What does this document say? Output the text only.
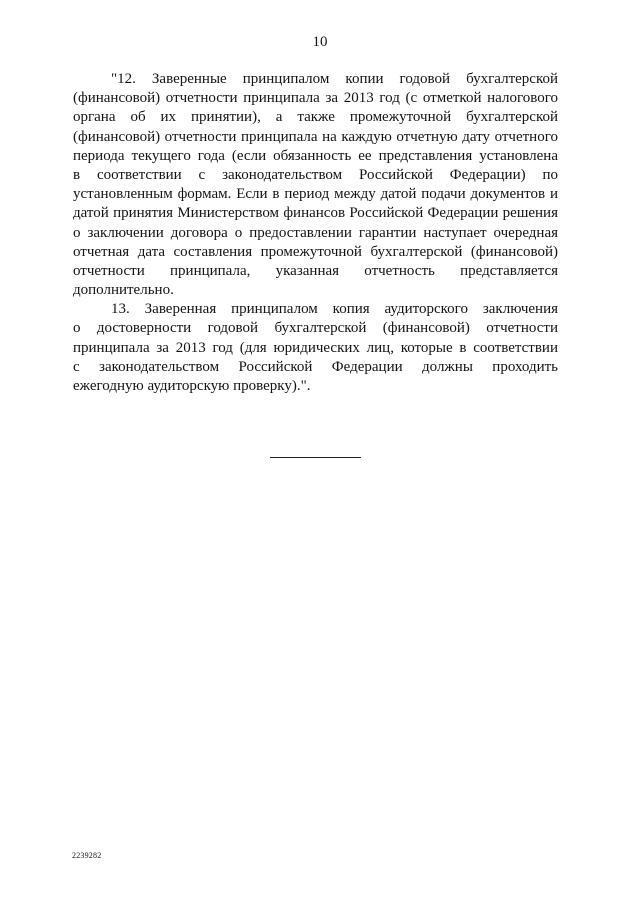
10
"12. Заверенные принципалом копии годовой бухгалтерской
(финансовой) отчетности принципала за 2013 год (с отметкой налогового
органа об их принятии), а также промежуточной бухгалтерской
(финансовой) отчетности принципала на каждую отчетную дату отчетного
периода текущего года (если обязанность ее представления установлена
в соответствии с законодательством Российской Федерации) по
установленным формам. Если в период между датой подачи документов и
датой принятия Министерством финансов Российской Федерации решения
о заключении договора о предоставлении гарантии наступает очередная
отчетная дата составления промежуточной бухгалтерской (финансовой)
отчетности принципала, указанная отчетность представляется
дополнительно.
13. Заверенная принципалом копия аудиторского заключения
о достоверности годовой бухгалтерской (финансовой) отчетности
принципала за 2013 год (для юридических лиц, которые в соответствии
с законодательством Российской Федерации должны проходить
ежегодную аудиторскую проверку).".
2239282
